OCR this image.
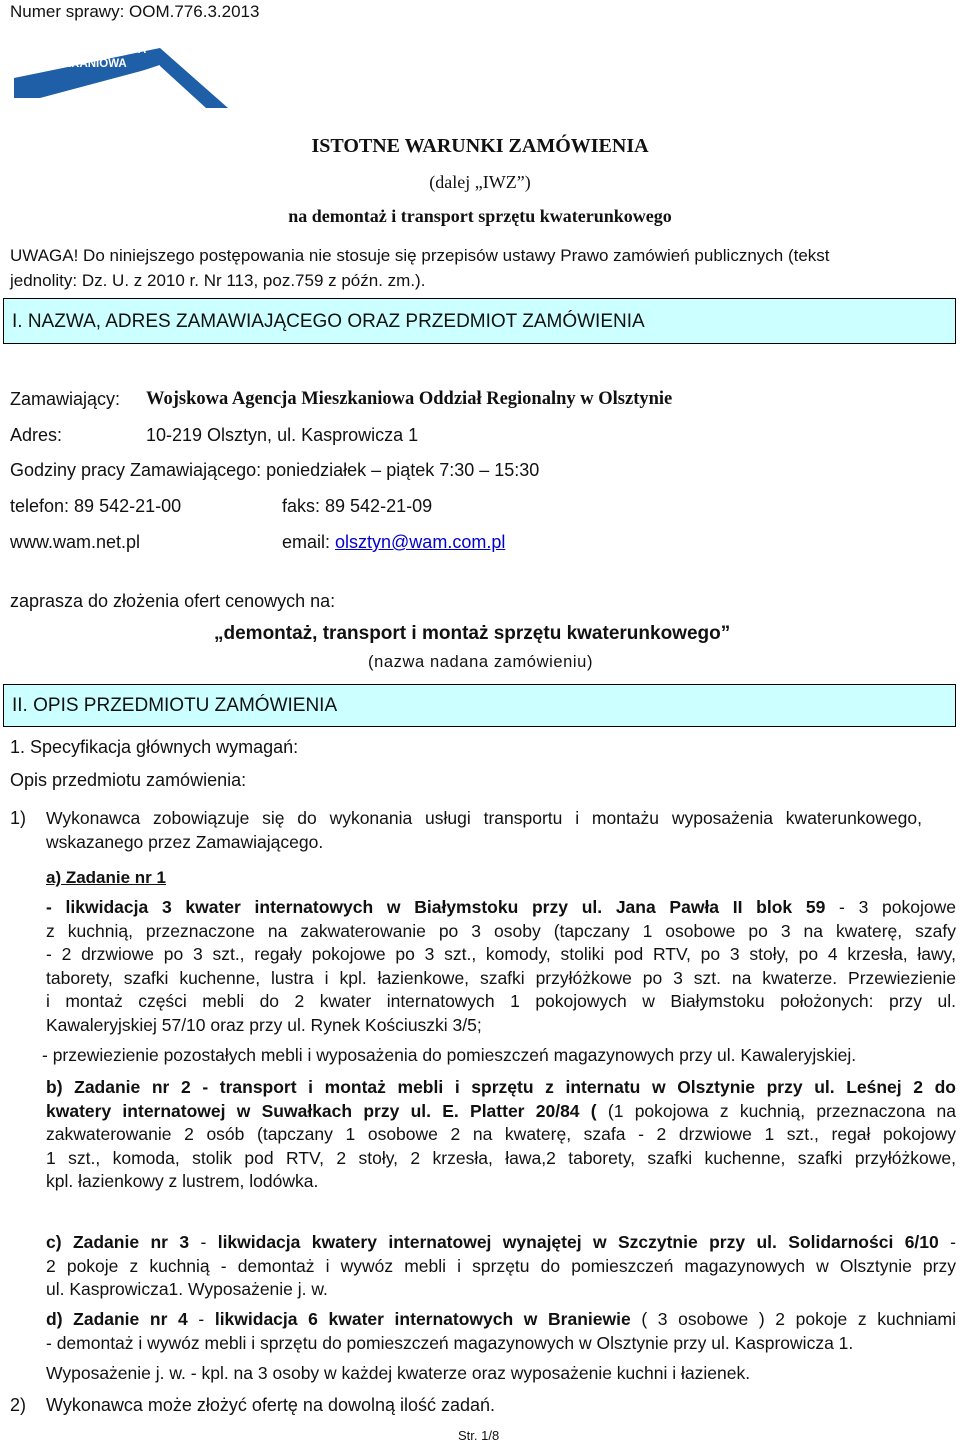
Numer sprawy: OOM.776.3.2013
WOJSKOWA AGENCJA
MIESZKANIOWA
ISTOTNE WARUNKI ZAMÓWIENIA
(dalej „IWZ”)
na demontaż i transport sprzętu kwaterunkowego
UWAGA! Do niniejszego postępowania nie stosuje się przepisów ustawy Prawo zamówień publicznych (tekst
jednolity: Dz. U. z 2010 r. Nr 113, poz.759 z późn. zm.).
I. NAZWA, ADRES ZAMAWIAJĄCEGO ORAZ PRZEDMIOT ZAMÓWIENIA
Zamawiający: Wojskowa Agencja Mieszkaniowa Oddział Regionalny w Olsztynie
Adres:	10-219 Olsztyn, ul. Kasprowicza 1
Godziny pracy Zamawiającego: poniedziałek – piątek 7:30 – 15:30
telefon: 89 542-21-00	faks: 89 542-21-09
www.wam.net.pl	email: olsztyn@wam.com.pl
zaprasza do złożenia ofert cenowych na:
„demontaż, transport i montaż sprzętu kwaterunkowego”
(nazwa nadana zamówieniu)
II. OPIS PRZEDMIOTU ZAMÓWIENIA
1. Specyfikacja głównych wymagań:
Opis przedmiotu zamówienia:
1) Wykonawca zobowiązuje się do wykonania usługi transportu i montażu wyposażenia kwaterunkowego,
wskazanego przez Zamawiającego.
a) Zadanie nr 1
- likwidacja 3 kwater internatowych w Białymstoku przy ul. Jana Pawła II blok 59 - 3 pokojowe
z kuchnią, przeznaczone na zakwaterowanie po 3 osoby (tapczany 1 osobowe po 3 na kwaterę, szafy
- 2 drzwiowe po 3 szt., regały pokojowe po 3 szt., komody, stoliki pod RTV, po 3 stoły, po 4 krzesła, ławy,
taborety, szafki kuchenne, lustra i kpl. łazienkowe, szafki przyłóżkowe po 3 szt. na kwaterze. Przewiezienie
i montaż części mebli do 2 kwater internatowych 1 pokojowych w Białymstoku położonych: przy ul.
Kawaleryjskiej 57/10 oraz przy ul. Rynek Kościuszki 3/5;
- przewiezienie pozostałych mebli i wyposażenia do pomieszczeń magazynowych przy ul. Kawaleryjskiej.
b) Zadanie nr 2 - transport i montaż mebli i sprzętu z internatu w Olsztynie przy ul. Leśnej 2 do
kwatery internatowej w Suwałkach przy ul. E. Platter 20/84 ( (1 pokojowa z kuchnią, przeznaczona na
zakwaterowanie 2 osób (tapczany 1 osobowe 2 na kwaterę, szafa - 2 drzwiowe 1 szt., regał pokojowy
1 szt., komoda, stolik pod RTV, 2 stoły, 2 krzesła, ława,2 taborety, szafki kuchenne, szafki przyłóżkowe,
kpl. łazienkowy z lustrem, lodówka.
c) Zadanie nr 3 - likwidacja kwatery internatowej wynajętej w Szczytnie przy ul. Solidarności 6/10 -
2 pokoje z kuchnią - demontaż i wywóz mebli i sprzętu do pomieszczeń magazynowych w Olsztynie przy
ul. Kasprowicza1. Wyposażenie j. w.
d) Zadanie nr 4 - likwidacja 6 kwater internatowych w Braniewie ( 3 osobowe ) 2 pokoje z kuchniami
- demontaż i wywóz mebli i sprzętu do pomieszczeń magazynowych w Olsztynie przy ul. Kasprowicza 1.
Wyposażenie j. w. - kpl. na 3 osoby w każdej kwaterze oraz wyposażenie kuchni i łazienek.
2) Wykonawca może złożyć ofertę na dowolną ilość zadań.
Str. 1/8
